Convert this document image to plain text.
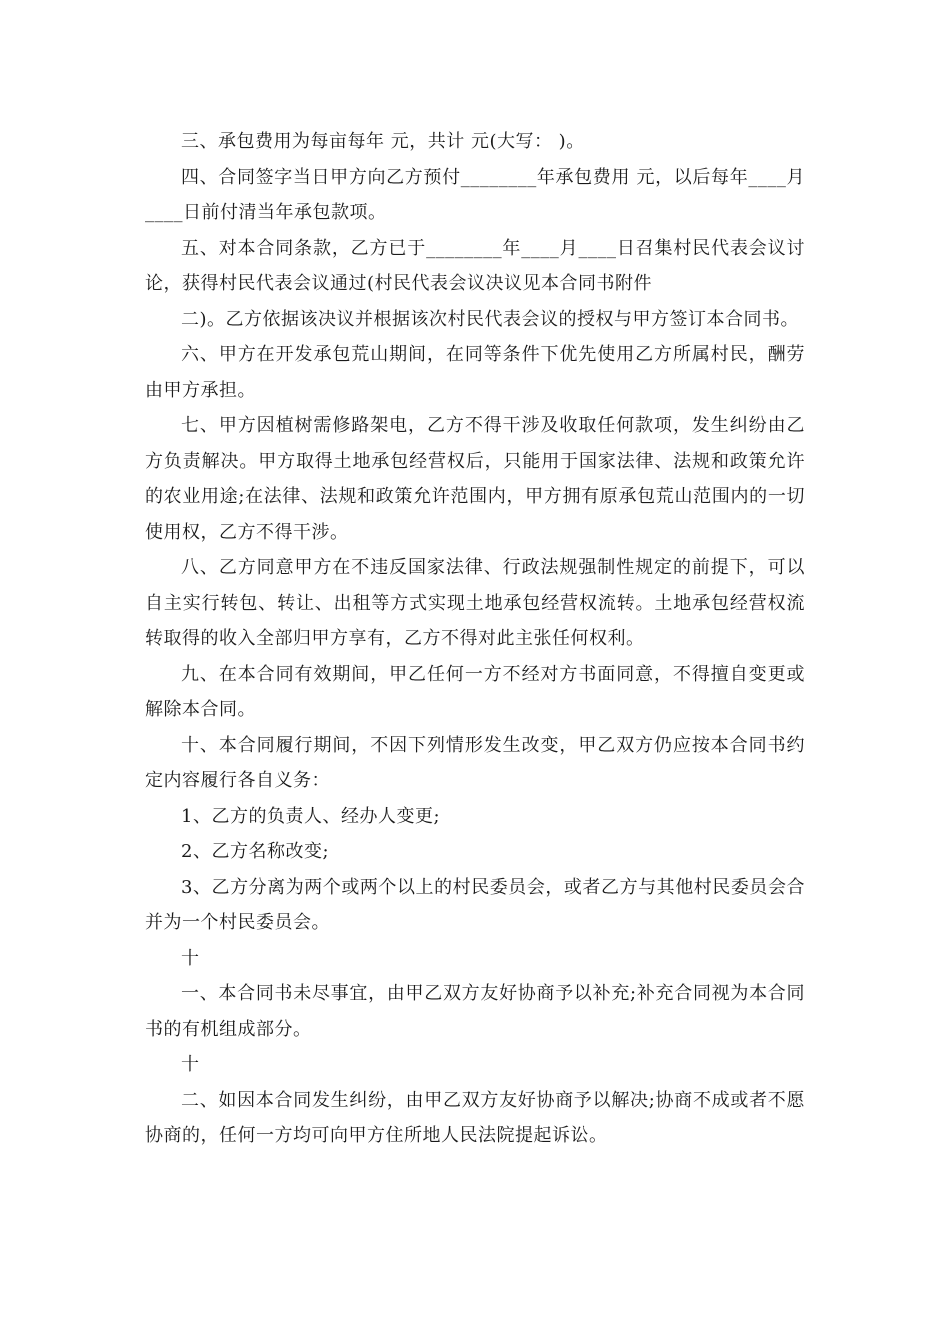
三、承包费用为每亩每年 元，共计 元(大写： )。

四、合同签字当日甲方向乙方预付________年承包费用 元，以后每年____月____日前付清当年承包款项。

五、对本合同条款，乙方已于________年____月____日召集村民代表会议讨论，获得村民代表会议通过(村民代表会议决议见本合同书附件

二)。乙方依据该决议并根据该次村民代表会议的授权与甲方签订本合同书。

六、甲方在开发承包荒山期间，在同等条件下优先使用乙方所属村民，酬劳由甲方承担。

七、甲方因植树需修路架电，乙方不得干涉及收取任何款项，发生纠纷由乙方负责解决。甲方取得土地承包经营权后，只能用于国家法律、法规和政策允许的农业用途;在法律、法规和政策允许范围内，甲方拥有原承包荒山范围内的一切使用权，乙方不得干涉。

八、乙方同意甲方在不违反国家法律、行政法规强制性规定的前提下，可以自主实行转包、转让、出租等方式实现土地承包经营权流转。土地承包经营权流转取得的收入全部归甲方享有，乙方不得对此主张任何权利。

九、在本合同有效期间，甲乙任何一方不经对方书面同意，不得擅自变更或解除本合同。

十、本合同履行期间，不因下列情形发生改变，甲乙双方仍应按本合同书约定内容履行各自义务：

1、乙方的负责人、经办人变更;

2、乙方名称改变;

3、乙方分离为两个或两个以上的村民委员会，或者乙方与其他村民委员会合并为一个村民委员会。

十

一、本合同书未尽事宜，由甲乙双方友好协商予以补充;补充合同视为本合同书的有机组成部分。

十

二、如因本合同发生纠纷，由甲乙双方友好协商予以解决;协商不成或者不愿协商的，任何一方均可向甲方住所地人民法院提起诉讼。
